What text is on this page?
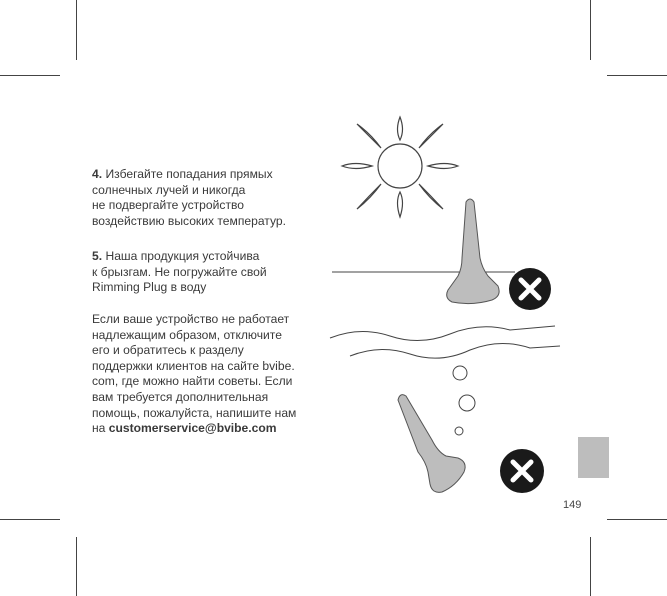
4. Избегайте попадания прямых
солнечных лучей и никогда
не подвергайте устройство
воздействию высоких температур.

5. Наша продукция устойчива
к брызгам. Не погружайте свой
Rimming Plug в воду

Если ваше устройство не работает
надлежащим образом, отключите
его и обратитесь к разделу
поддержки клиентов на сайте bvibe.
com, где можно найти советы. Если
вам требуется дополнительная
помощь, пожалуйста, напишите нам
на customerservice@bvibe.com

149
